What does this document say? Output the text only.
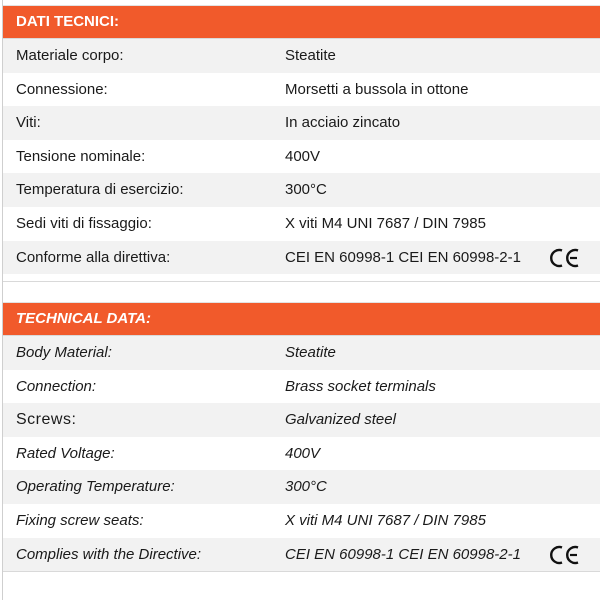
DATI TECNICI:
Materiale corpo:	Steatite
Connessione:	Morsetti a bussola in ottone
Viti:	In acciaio zincato
Tensione nominale:	400V
Temperatura di esercizio:	300°C
Sedi viti di fissaggio:	X viti M4 UNI 7687 / DIN 7985
Conforme alla direttiva:	CEI EN 60998-1 CEI EN 60998-2-1
TECHNICAL DATA:
Body Material:	Steatite
Connection:	Brass socket terminals
Screws:	Galvanized steel
Rated Voltage:	400V
Operating Temperature:	300°C
Fixing screw seats:	X viti M4 UNI 7687 / DIN 7985
Complies with the Directive:	CEI EN 60998-1 CEI EN 60998-2-1
